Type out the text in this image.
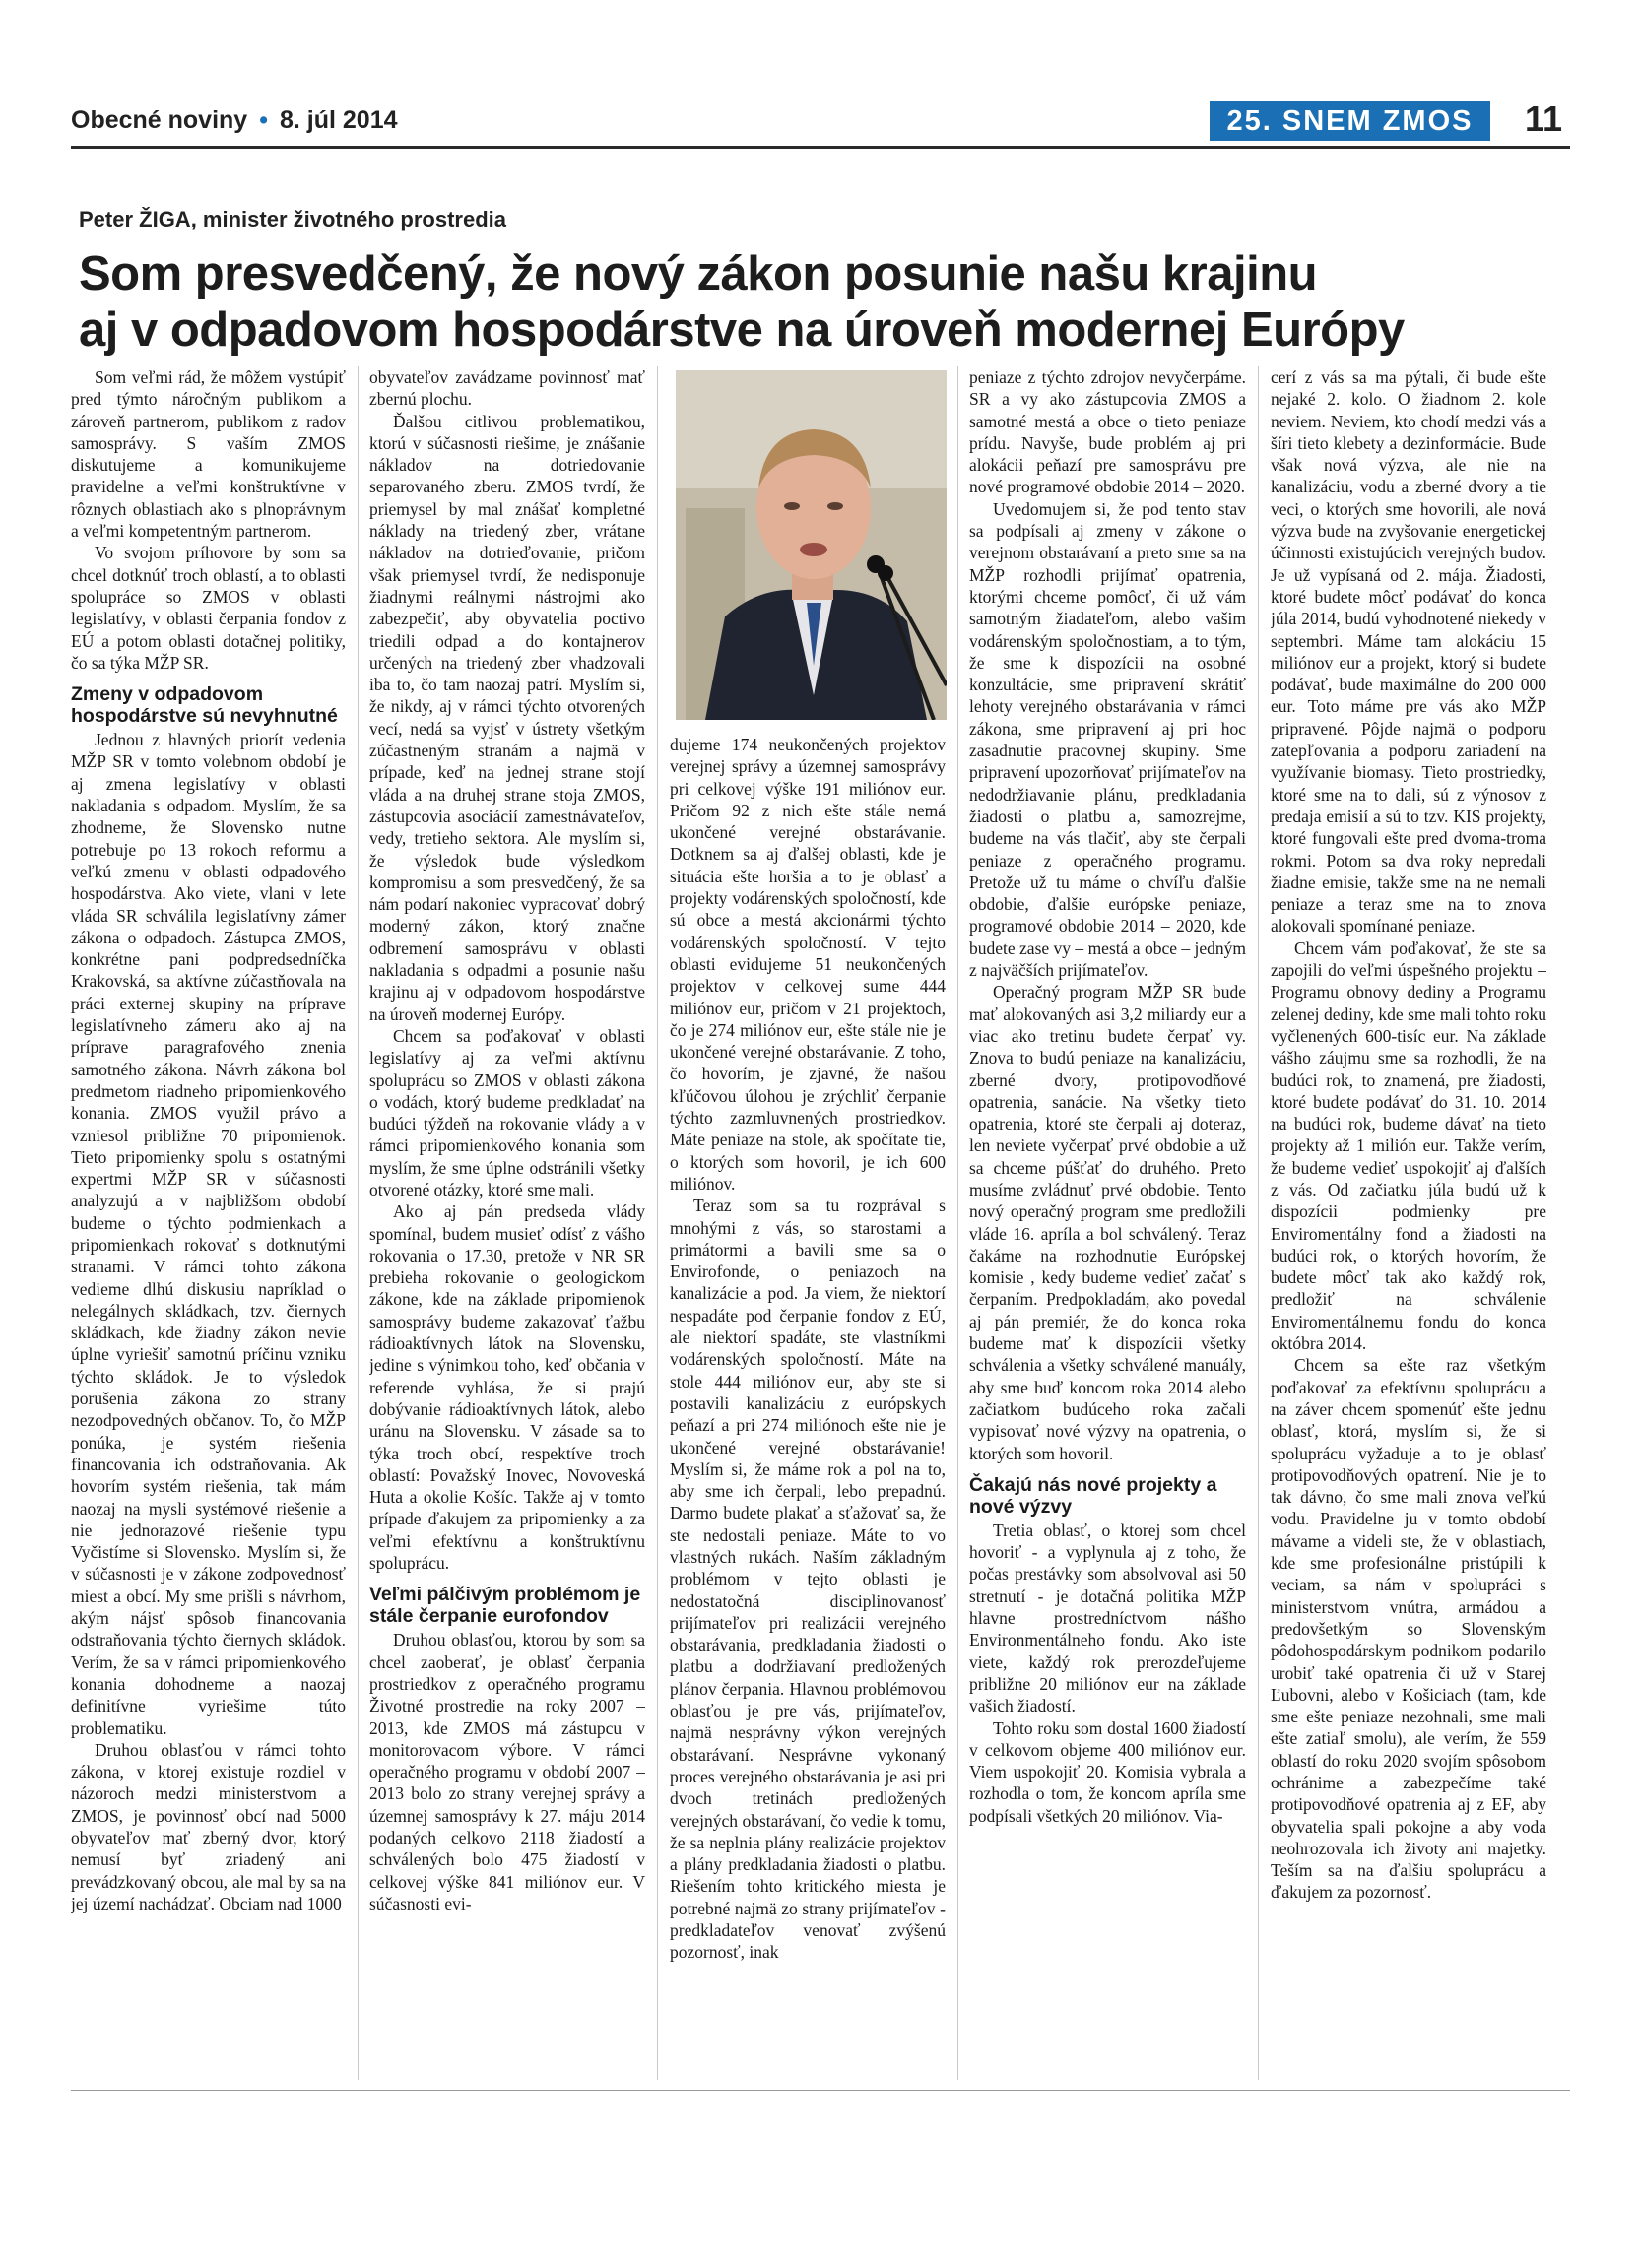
Obecné noviny • 8. júl 2014	25. SNEM ZMOS	11
Peter ŽIGA, minister životného prostredia
Som presvedčený, že nový zákon posunie našu krajinu
aj v odpadovom hospodárstve na úroveň modernej Európy

Som veľmi rád, že môžem vystúpiť pred týmto náročným publikom a zároveň partnerom, publikom z radov samosprávy. S vaším ZMOS diskutujeme a komunikujeme pravidelne a veľmi konštruktívne v rôznych oblastiach ako s plnoprávnym a veľmi kompetentným partnerom.

Vo svojom príhovore by som sa chcel dotknúť troch oblastí, a to oblasti spolupráce so ZMOS v oblasti legislatívy, v oblasti čerpania fondov z EÚ a potom oblasti dotačnej politiky, čo sa týka MŽP SR.

Zmeny v odpadovom hospodárstve sú nevyhnutné

Jednou z hlavných priorít vedenia MŽP SR v tomto volebnom období je aj zmena legislatívy v oblasti nakladania s odpadom. Myslím, že sa zhodneme, že Slovensko nutne potrebuje po 13 rokoch reformu a veľkú zmenu v oblasti odpadového hospodárstva. Ako viete, vlani v lete vláda SR schválila legislatívny zámer zákona o odpadoch. Zástupca ZMOS, konkrétne pani podpredsedníčka Krakovská, sa aktívne zúčastňovala na práci externej skupiny na príprave legislatívneho zámeru ako aj na príprave paragrafového znenia samotného zákona. Návrh zákona bol predmetom riadneho pripomienkového konania. ZMOS využil právo a vzniesol približne 70 pripomienok. Tieto pripomienky spolu s ostatnými expertmi MŽP SR v súčasnosti analyzujú a v najbližšom období budeme o týchto podmienkach a pripomienkach rokovať s dotknutými stranami. V rámci tohto zákona vedieme dlhú diskusiu napríklad o nelegálnych skládkach, tzv. čiernych skládkach, kde žiadny zákon nevie úplne vyriešiť samotnú príčinu vzniku týchto skládok. Je to výsledok porušenia zákona zo strany nezodpovedných občanov. To, čo MŽP ponúka, je systém riešenia financovania ich odstraňovania. Ak hovorím systém riešenia, tak mám naozaj na mysli systémové riešenie a nie jednorazové riešenie typu Vyčistíme si Slovensko. Myslím si, že v súčasnosti je v zákone zodpovednosť miest a obcí. My sme prišli s návrhom, akým nájsť spôsob financovania odstraňovania týchto čiernych skládok. Verím, že sa v rámci pripomienkového konania dohodneme a naozaj definitívne vyriešime túto problematiku.

Druhou oblasťou v rámci tohto zákona, v ktorej existuje rozdiel v názoroch medzi ministerstvom a ZMOS, je povinnosť obcí nad 5000 obyvateľov mať zberný dvor, ktorý nemusí byť zriadený ani prevádzkovaný obcou, ale mal by sa na jej území nachádzať. Obciam nad 1000

obyvateľov zavádzame povinnosť mať zbernú plochu.

Ďalšou citlivou problematikou, ktorú v súčasnosti riešime, je znášanie nákladov na dotriedovanie separovaného zberu. ZMOS tvrdí, že priemysel by mal znášať kompletné náklady na triedený zber, vrátane nákladov na dotrieďovanie, pričom však priemysel tvrdí, že nedisponuje žiadnymi reálnymi nástrojmi ako zabezpečiť, aby obyvatelia poctivo triedili odpad a do kontajnerov určených na triedený zber vhadzovali iba to, čo tam naozaj patrí. Myslím si, že nikdy, aj v rámci týchto otvorených vecí, nedá sa vyjsť v ústrety všetkým zúčastneným stranám a najmä v prípade, keď na jednej strane stojí vláda a na druhej strane stoja ZMOS, zástupcovia asociácií zamestnávateľov, vedy, tretieho sektora. Ale myslím si, že výsledok bude výsledkom kompromisu a som presvedčený, že sa nám podarí nakoniec vypracovať dobrý moderný zákon, ktorý značne odbremení samosprávu v oblasti nakladania s odpadmi a posunie našu krajinu aj v odpadovom hospodárstve na úroveň modernej Európy.

Chcem sa poďakovať v oblasti legislatívy aj za veľmi aktívnu spoluprácu so ZMOS v oblasti zákona o vodách, ktorý budeme predkladať na budúci týždeň na rokovanie vlády a v rámci pripomienkového konania som myslím, že sme úplne odstránili všetky otvorené otázky, ktoré sme mali.

Ako aj pán predseda vlády spomínal, budem musieť odísť z vášho rokovania o 17.30, pretože v NR SR prebieha rokovanie o geologickom zákone, kde na základe pripomienok samosprávy budeme zakazovať ťažbu rádioaktívnych látok na Slovensku, jedine s výnimkou toho, keď občania v referende vyhlása, že si prajú dobývanie rádioaktívnych látok, alebo uránu na Slovensku. V zásade sa to týka troch obcí, respektíve troch oblastí: Považský Inovec, Novoveská Huta a okolie Košíc. Takže aj v tomto prípade ďakujem za pripomienky a za veľmi efektívnu a konštruktívnu spoluprácu.

Veľmi pálčivým problémom je stále čerpanie eurofondov

Druhou oblasťou, ktorou by som sa chcel zaoberať, je oblasť čerpania prostriedkov z operačného programu Životné prostredie na roky 2007 – 2013, kde ZMOS má zástupcu v monitorovacom výbore. V rámci operačného programu v období 2007 – 2013 bolo zo strany verejnej správy a územnej samosprávy k 27. máju 2014 podaných celkovo 2118 žiadostí a schválených bolo 475 žiadostí v celkovej výške 841 miliónov eur. V súčasnosti evi-

dujeme 174 neukončených projektov verejnej správy a územnej samosprávy pri celkovej výške 191 miliónov eur. Pričom 92 z nich ešte stále nemá ukončené verejné obstarávanie. Dotknem sa aj ďalšej oblasti, kde je situácia ešte horšia a to je oblasť a projekty vodárenských spoločností, kde sú obce a mestá akcionármi týchto vodárenských spoločností. V tejto oblasti evidujeme 51 neukončených projektov v celkovej sume 444 miliónov eur, pričom v 21 projektoch, čo je 274 miliónov eur, ešte stále nie je ukončené verejné obstarávanie. Z toho, čo hovorím, je zjavné, že našou kľúčovou úlohou je zrýchliť čerpanie týchto zazmluvnených prostriedkov. Máte peniaze na stole, ak spočítate tie, o ktorých som hovoril, je ich 600 miliónov.

Teraz som sa tu rozprával s mnohými z vás, so starostami a primátormi a bavili sme sa o Envirofonde, o peniazoch na kanalizácie a pod. Ja viem, že niektorí nespadáte pod čerpanie fondov z EÚ, ale niektorí spadáte, ste vlastníkmi vodárenských spoločností. Máte na stole 444 miliónov eur, aby ste si postavili kanalizáciu z európskych peňazí a pri 274 miliónoch ešte nie je ukončené verejné obstarávanie! Myslím si, že máme rok a pol na to, aby sme ich čerpali, lebo prepadnú. Darmo budete plakať a sťažovať sa, že ste nedostali peniaze. Máte to vo vlastných rukách. Naším základným problémom v tejto oblasti je nedostatočná disciplinovanosť prijímateľov pri realizácii verejného obstarávania, predkladania žiadosti o platbu a dodržiavaní predložených plánov čerpania. Hlavnou problémovou oblasťou je pre vás, prijímateľov, najmä nesprávny výkon verejných obstarávaní. Nesprávne vykonaný proces verejného obstarávania je asi pri dvoch tretinách predložených verejných obstarávaní, čo vedie k tomu, že sa neplnia plány realizácie projektov a plány predkladania žiadosti o platbu. Riešením tohto kritického miesta je potrebné najmä zo strany prijímateľov - predkladateľov venovať zvýšenú pozornosť, inak

peniaze z týchto zdrojov nevyčerpáme. SR a vy ako zástupcovia ZMOS a samotné mestá a obce o tieto peniaze prídu. Navyše, bude problém aj pri alokácii peňazí pre samosprávu pre nové programové obdobie 2014 – 2020.

Uvedomujem si, že pod tento stav sa podpísali aj zmeny v zákone o verejnom obstarávaní a preto sme sa na MŽP rozhodli prijímať opatrenia, ktorými chceme pomôcť, či už vám samotným žiadateľom, alebo vašim vodárenským spoločnostiam, a to tým, že sme k dispozícii na osobné konzultácie, sme pripravení skrátiť lehoty verejného obstarávania v rámci zákona, sme pripravení aj pri hoc zasadnutie pracovnej skupiny. Sme pripravení upozorňovať prijímateľov na nedodržiavanie plánu, predkladania žiadosti o platbu a, samozrejme, budeme na vás tlačiť, aby ste čerpali peniaze z operačného programu. Pretože už tu máme o chvíľu ďalšie obdobie, ďalšie európske peniaze, programové obdobie 2014 – 2020, kde budete zase vy – mestá a obce – jedným z najväčších prijímateľov.

Operačný program MŽP SR bude mať alokovaných asi 3,2 miliardy eur a viac ako tretinu budete čerpať vy. Znova to budú peniaze na kanalizáciu, zberné dvory, protipovodňové opatrenia, sanácie. Na všetky tieto opatrenia, ktoré ste čerpali aj doteraz, len neviete vyčerpať prvé obdobie a už sa chceme púšťať do druhého. Preto musíme zvládnuť prvé obdobie. Tento nový operačný program sme predložili vláde 16. apríla a bol schválený. Teraz čakáme na rozhodnutie Európskej komisie , kedy budeme vedieť začať s čerpaním. Predpokladám, ako povedal aj pán premiér, že do konca roka budeme mať k dispozícii všetky schválenia a všetky schválené manuály, aby sme buď koncom roka 2014 alebo začiatkom budúceho roka začali vypisovať nové výzvy na opatrenia, o ktorých som hovoril.

Čakajú nás nové projekty a nové výzvy

Tretia oblasť, o ktorej som chcel hovoriť - a vyplynula aj z toho, že počas prestávky som absolvoval asi 50 stretnutí - je dotačná politika MŽP hlavne prostredníctvom nášho Environmentálneho fondu. Ako iste viete, každý rok prerozdeľujeme približne 20 miliónov eur na základe vašich žiadostí.

Tohto roku som dostal 1600 žiadostí v celkovom objeme 400 miliónov eur. Viem uspokojiť 20. Komisia vybrala a rozhodla o tom, že koncom apríla sme podpísali všetkých 20 miliónov. Via-

cerí z vás sa ma pýtali, či bude ešte nejaké 2. kolo. O žiadnom 2. kole neviem. Neviem, kto chodí medzi vás a šíri tieto klebety a dezinformácie. Bude však nová výzva, ale nie na kanalizáciu, vodu a zberné dvory a tie veci, o ktorých sme hovorili, ale nová výzva bude na zvyšovanie energetickej účinnosti existujúcich verejných budov. Je už vypísaná od 2. mája. Žiadosti, ktoré budete môcť podávať do konca júla 2014, budú vyhodnotené niekedy v septembri. Máme tam alokáciu 15 miliónov eur a projekt, ktorý si budete podávať, bude maximálne do 200 000 eur. Toto máme pre vás ako MŽP pripravené. Pôjde najmä o podporu zatepľovania a podporu zariadení na využívanie biomasy. Tieto prostriedky, ktoré sme na to dali, sú z výnosov z predaja emisií a sú to tzv. KIS projekty, ktoré fungovali ešte pred dvoma-troma rokmi. Potom sa dva roky nepredali žiadne emisie, takže sme na ne nemali peniaze a teraz sme na to znova alokovali spomínané peniaze.

Chcem vám poďakovať, že ste sa zapojili do veľmi úspešného projektu – Programu obnovy dediny a Programu zelenej dediny, kde sme mali tohto roku vyčlenených 600-tisíc eur. Na základe vášho záujmu sme sa rozhodli, že na budúci rok, to znamená, pre žiadosti, ktoré budete podávať do 31. 10. 2014 na budúci rok, budeme dávať na tieto projekty až 1 milión eur. Takže verím, že budeme vedieť uspokojiť aj ďalších z vás. Od začiatku júla budú už k dispozícii podmienky pre Enviromentálny fond a žiadosti na budúci rok, o ktorých hovorím, že budete môcť tak ako každý rok, predložiť na schválenie Enviromentálnemu fondu do konca októbra 2014.

Chcem sa ešte raz všetkým poďakovať za efektívnu spoluprácu a na záver chcem spomenúť ešte jednu oblasť, ktorá, myslím si, že si spoluprácu vyžaduje a to je oblasť protipovodňových opatrení. Nie je to tak dávno, čo sme mali znova veľkú vodu. Pravidelne ju v tomto období mávame a videli ste, že v oblastiach, kde sme profesionálne pristúpili k veciam, sa nám v spolupráci s ministerstvom vnútra, armádou a predovšetkým so Slovenským pôdohospodárskym podnikom podarilo urobiť také opatrenia či už v Starej Ľubovni, alebo v Košiciach (tam, kde sme ešte peniaze nezohnali, sme mali ešte zatiaľ smolu), ale verím, že 559 oblastí do roku 2020 svojím spôsobom ochránime a zabezpečíme také protipovodňové opatrenia aj z EF, aby obyvatelia spali pokojne a aby voda neohrozovala ich životy ani majetky. Teším sa na ďalšiu spoluprácu a ďakujem za pozornosť.
